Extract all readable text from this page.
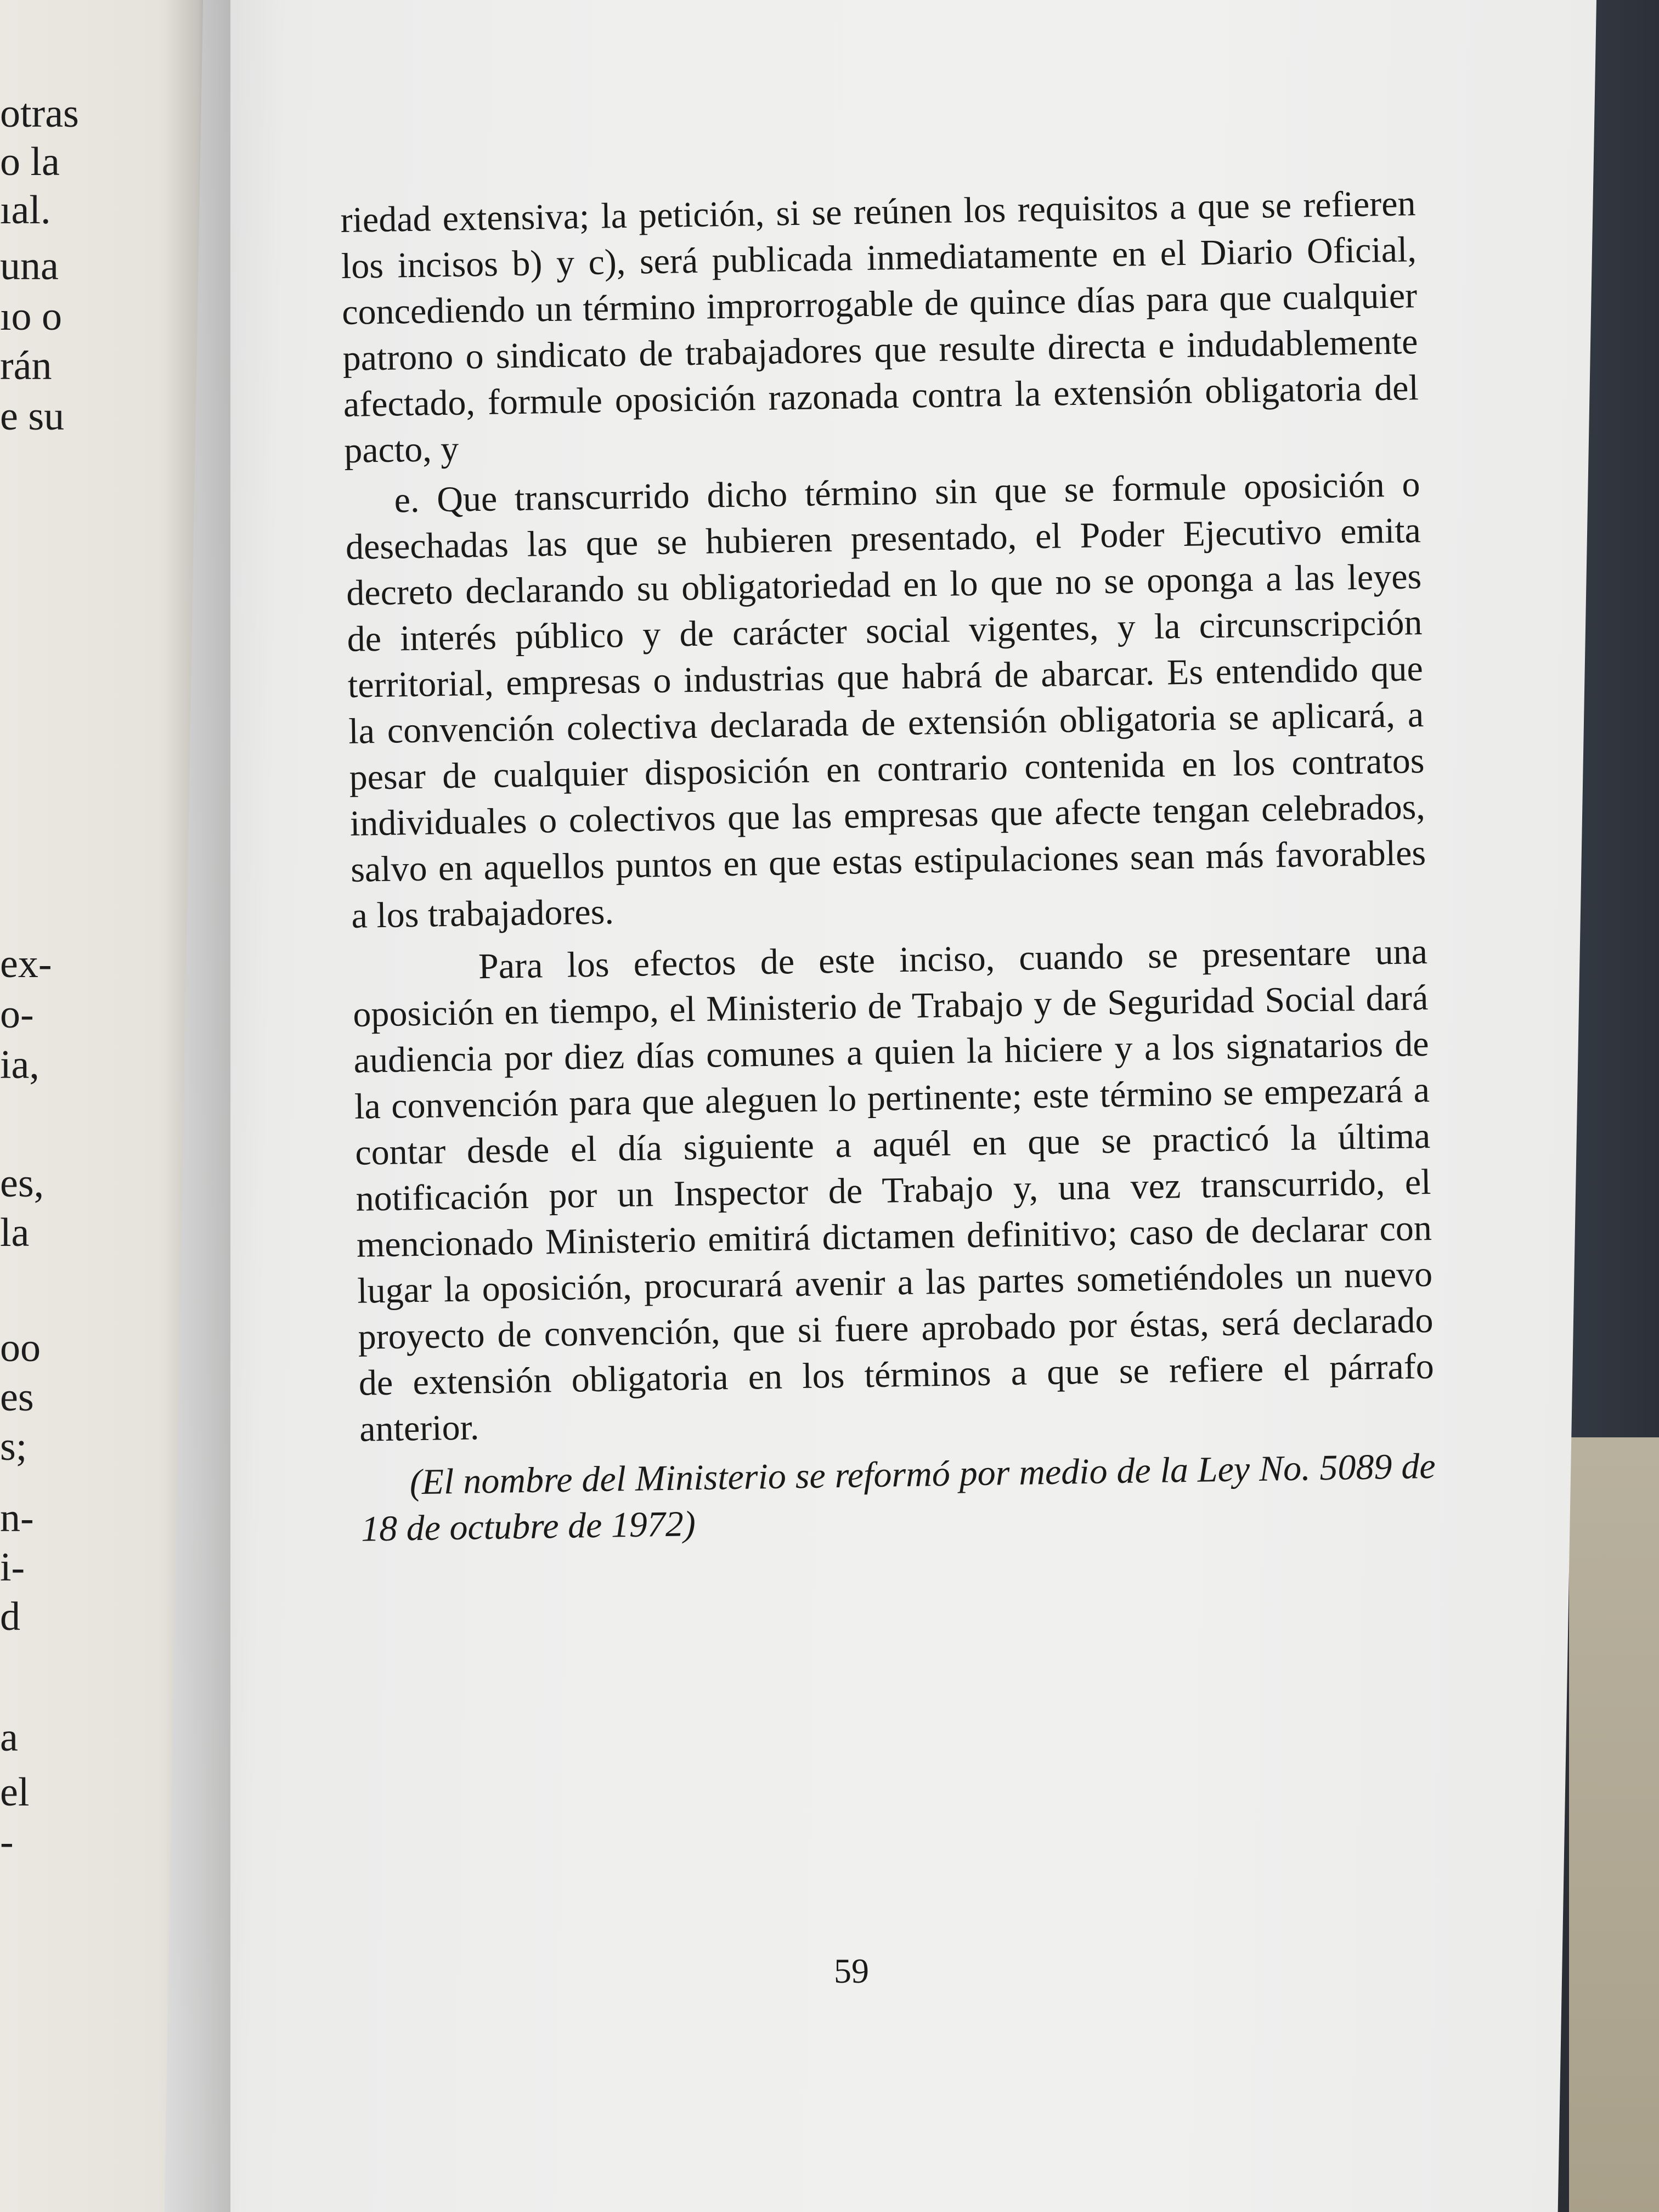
otras
o la
ıal.
una
ıo o
rán
e su
ex-
o-
ia,
es,
la
oo
es
s;
n-
i-
d
a
el
-

riedad extensiva; la petición, si se reúnen los requisitos a que se refieren los incisos b) y c), será publicada inmediatamente en el Diario Oficial, concediendo un término improrrogable de quince días para que cualquier patrono o sindicato de trabajadores que resulte directa e indudablemente afectado, formule oposición razonada contra la extensión obligatoria del pacto, y

e. Que transcurrido dicho término sin que se formule oposición o desechadas las que se hubieren presentado, el Poder Ejecutivo emita decreto declarando su obligatoriedad en lo que no se oponga a las leyes de interés público y de carácter social vigentes, y la circunscripción territorial, empresas o industrias que habrá de abarcar. Es entendido que la convención colectiva declarada de extensión obligatoria se aplicará, a pesar de cualquier disposición en contrario contenida en los contratos individuales o colectivos que las empresas que afecte tengan celebrados, salvo en aquellos puntos en que estas estipulaciones sean más favorables a los trabajadores.

Para los efectos de este inciso, cuando se presentare una oposición en tiempo, el Ministerio de Trabajo y de Seguridad Social dará audiencia por diez días comunes a quien la hiciere y a los signatarios de la convención para que aleguen lo pertinente; este término se empezará a contar desde el día siguiente a aquél en que se practicó la última notificación por un Inspector de Trabajo y, una vez transcurrido, el mencionado Ministerio emitirá dictamen definitivo; caso de declarar con lugar la oposición, procurará avenir a las partes sometiéndoles un nuevo proyecto de convención, que si fuere aprobado por éstas, será declarado de extensión obligatoria en los términos a que se refiere el párrafo anterior.

(El nombre del Ministerio se reformó por medio de la Ley No. 5089 de 18 de octubre de 1972)

59
